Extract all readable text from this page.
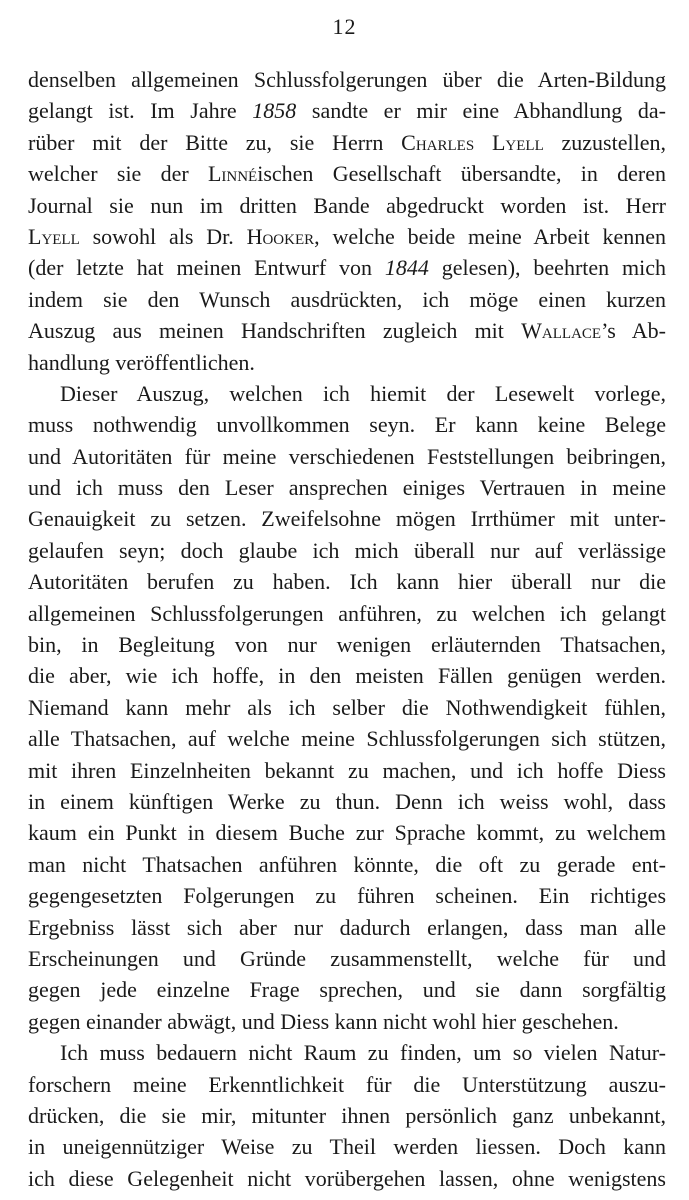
12
denselben allgemeinen Schlussfolgerungen über die Arten-Bildung
gelangt ist. Im Jahre 1858 sandte er mir eine Abhandlung da-
rüber mit der Bitte zu, sie Herrn Charles Lyell zuzustellen,
welcher sie der Linnéischen Gesellschaft übersandte, in deren
Journal sie nun im dritten Bande abgedruckt worden ist. Herr
Lyell sowohl als Dr. Hooker, welche beide meine Arbeit kennen
(der letzte hat meinen Entwurf von 1844 gelesen), beehrten mich
indem sie den Wunsch ausdrückten, ich möge einen kurzen
Auszug aus meinen Handschriften zugleich mit Wallace’s Ab-
handlung veröffentlichen.
Dieser Auszug, welchen ich hiemit der Lesewelt vorlege,
muss nothwendig unvollkommen seyn. Er kann keine Belege
und Autoritäten für meine verschiedenen Feststellungen beibringen,
und ich muss den Leser ansprechen einiges Vertrauen in meine
Genauigkeit zu setzen. Zweifelsohne mögen Irrthümer mit unter-
gelaufen seyn; doch glaube ich mich überall nur auf verlässige
Autoritäten berufen zu haben. Ich kann hier überall nur die
allgemeinen Schlussfolgerungen anführen, zu welchen ich gelangt
bin, in Begleitung von nur wenigen erläuternden Thatsachen,
die aber, wie ich hoffe, in den meisten Fällen genügen werden.
Niemand kann mehr als ich selber die Nothwendigkeit fühlen,
alle Thatsachen, auf welche meine Schlussfolgerungen sich stützen,
mit ihren Einzelnheiten bekannt zu machen, und ich hoffe Diess
in einem künftigen Werke zu thun. Denn ich weiss wohl, dass
kaum ein Punkt in diesem Buche zur Sprache kommt, zu welchem
man nicht Thatsachen anführen könnte, die oft zu gerade ent-
gegengesetzten Folgerungen zu führen scheinen. Ein richtiges
Ergebniss lässt sich aber nur dadurch erlangen, dass man alle
Erscheinungen und Gründe zusammenstellt, welche für und
gegen jede einzelne Frage sprechen, und sie dann sorgfältig
gegen einander abwägt, und Diess kann nicht wohl hier geschehen.
Ich muss bedauern nicht Raum zu finden, um so vielen Natur-
forschern meine Erkenntlichkeit für die Unterstützung auszu-
drücken, die sie mir, mitunter ihnen persönlich ganz unbekannt,
in uneigennütziger Weise zu Theil werden liessen. Doch kann
ich diese Gelegenheit nicht vorübergehen lassen, ohne wenigstens
